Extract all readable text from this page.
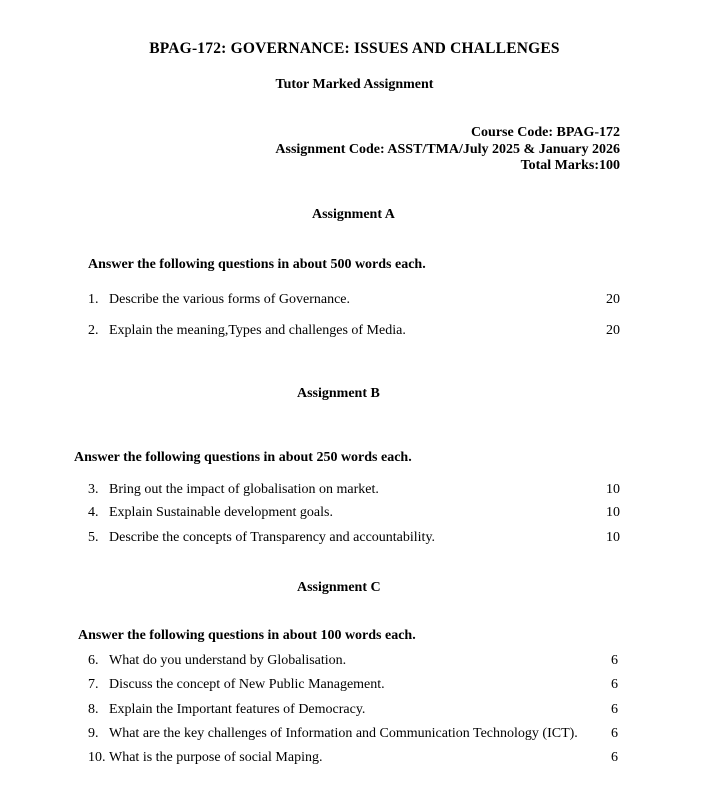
BPAG-172: GOVERNANCE: ISSUES AND CHALLENGES
Tutor Marked Assignment
Course Code: BPAG-172
Assignment Code: ASST/TMA/July 2025 & January 2026
Total Marks:100
Assignment A
Answer the following questions in about 500 words each.
1. Describe the various forms of Governance.	20
2. Explain the meaning,Types and challenges of Media.	20
Assignment B
Answer the following questions in about 250 words each.
3. Bring out the impact of globalisation on market.	10
4. Explain Sustainable development goals.	10
5. Describe the concepts of Transparency and accountability.	10
Assignment C
Answer the following questions in about 100 words each.
6. What do you understand by Globalisation.	6
7. Discuss the concept of New Public Management.	6
8. Explain the Important features of Democracy.	6
9. What are the key challenges of Information and Communication Technology (ICT). 6
10. What is the purpose of social Maping.	6
